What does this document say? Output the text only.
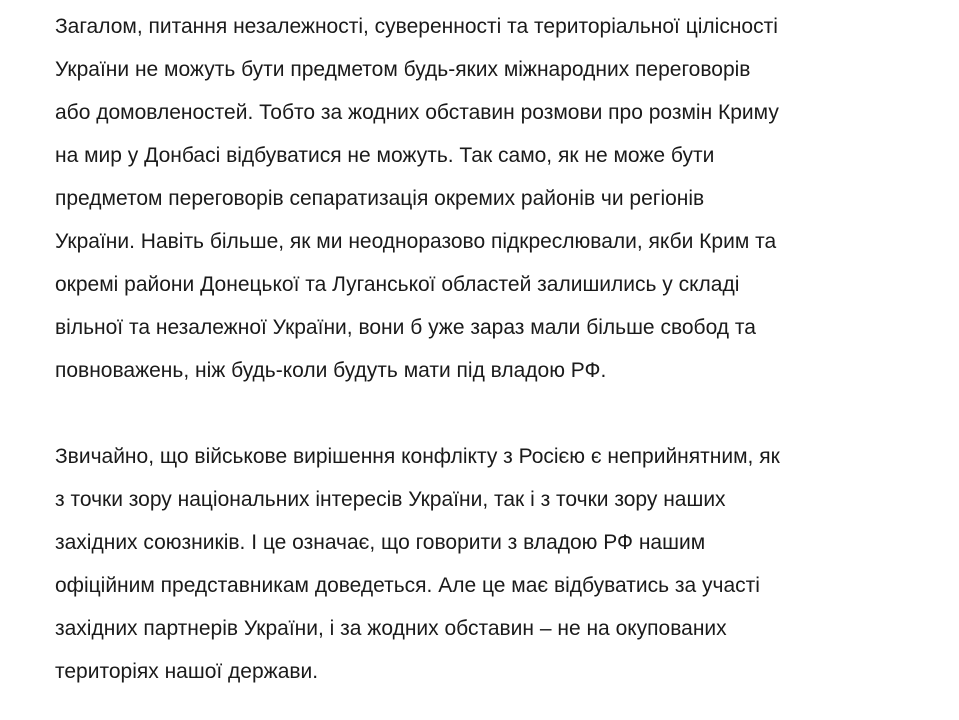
Загалом, питання незалежності, суверенності та територіальної цілісності
України не можуть бути предметом будь-яких міжнародних переговорів
або домовленостей. Тобто за жодних обставин розмови про розмін Криму
на мир у Донбасі відбуватися не можуть. Так само, як не може бути
предметом переговорів сепаратизація окремих районів чи регіонів
України. Навіть більше, як ми неодноразово підкреслювали, якби Крим та
окремі райони Донецької та Луганської областей залишились у складі
вільної та незалежної України, вони б уже зараз мали більше свобод та
повноважень, ніж будь-коли будуть мати під владою РФ.

Звичайно, що військове вирішення конфлікту з Росією є неприйнятним, як
з точки зору національних інтересів України, так і з точки зору наших
західних союзників. І це означає, що говорити з владою РФ нашим
офіційним представникам доведеться. Але це має відбуватись за участі
західних партнерів України, і за жодних обставин – не на окупованих
територіях нашої держави.
